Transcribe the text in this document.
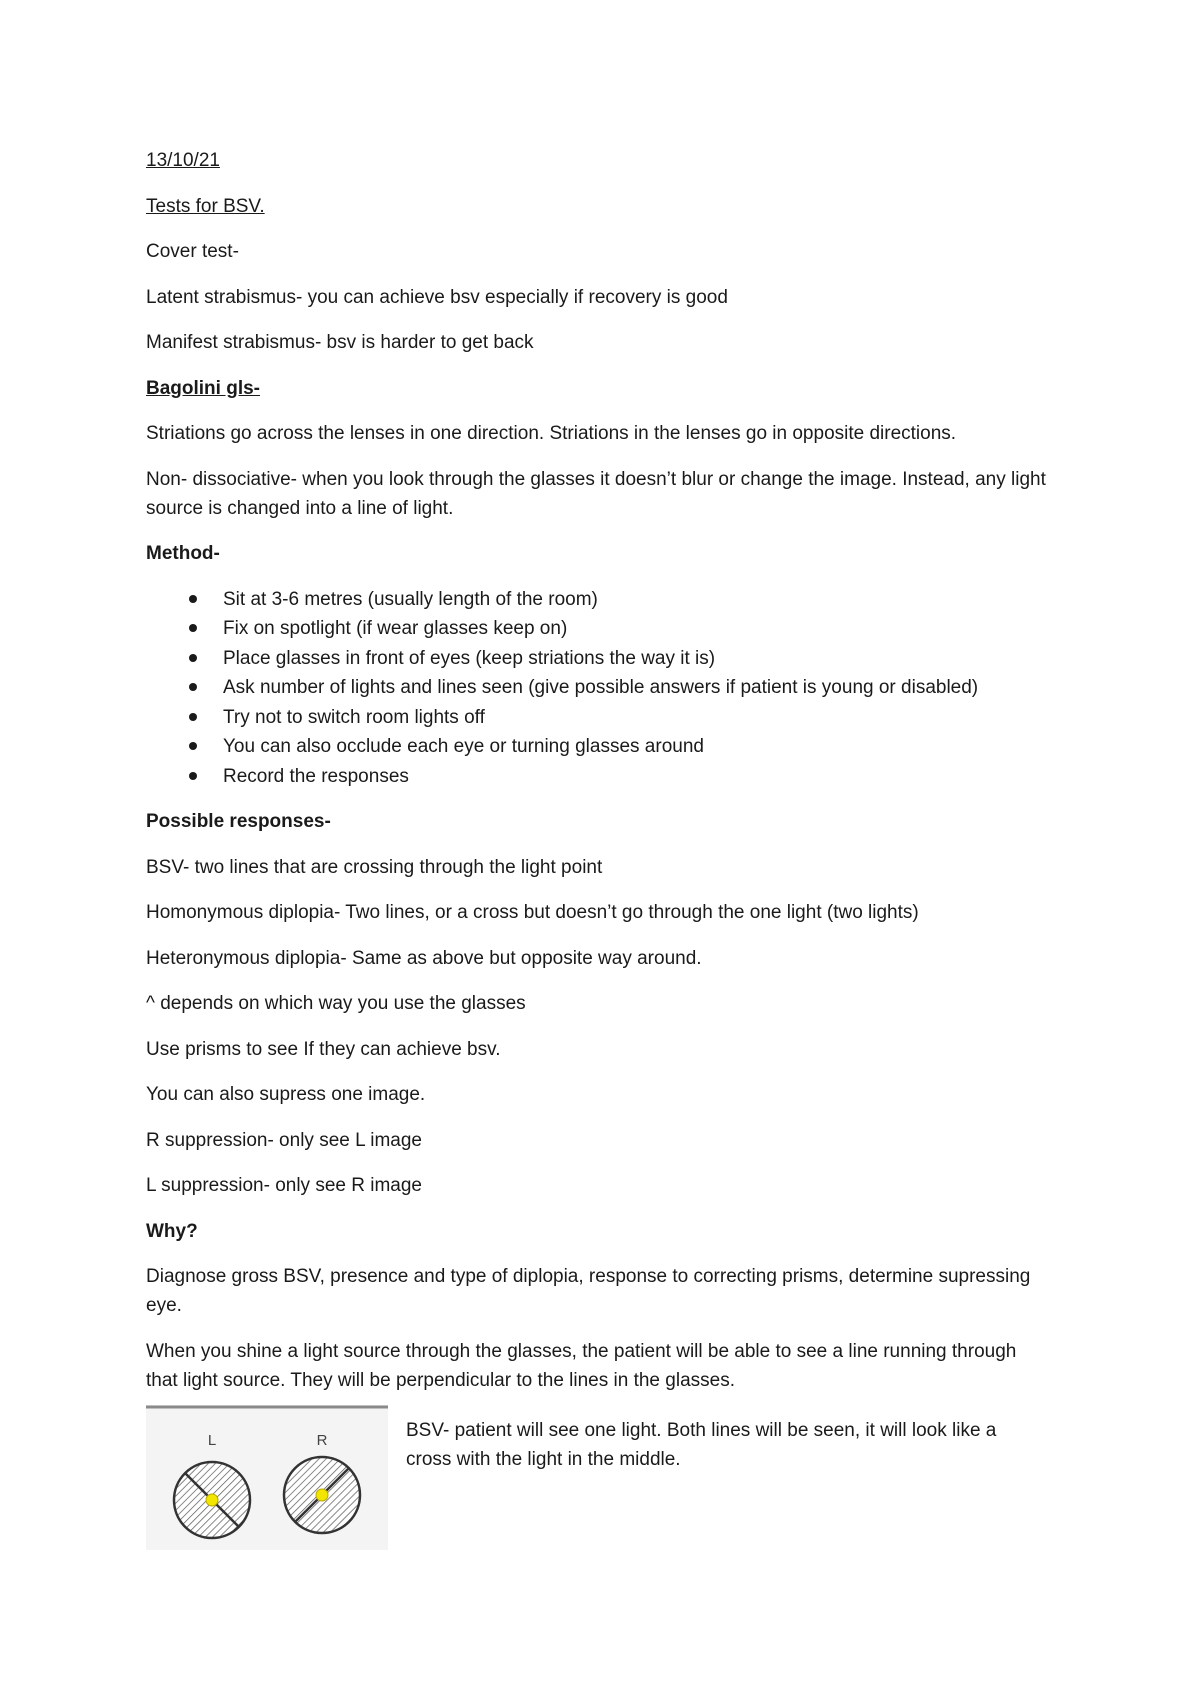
13/10/21

Tests for BSV.

Cover test-

Latent strabismus- you can achieve bsv especially if recovery is good

Manifest strabismus- bsv is harder to get back

Bagolini gls-

Striations go across the lenses in one direction. Striations in the lenses go in opposite directions.

Non- dissociative- when you look through the glasses it doesn’t blur or change the image. Instead, any light source is changed into a line of light.

Method-

Sit at 3-6 metres (usually length of the room)
Fix on spotlight (if wear glasses keep on)
Place glasses in front of eyes (keep striations the way it is)
Ask number of lights and lines seen (give possible answers if patient is young or disabled)
Try not to switch room lights off
You can also occlude each eye or turning glasses around
Record the responses

Possible responses-

BSV- two lines that are crossing through the light point

Homonymous diplopia- Two lines, or a cross but doesn’t go through the one light (two lights)

Heteronymous diplopia- Same as above but opposite way around.

^ depends on which way you use the glasses

Use prisms to see If they can achieve bsv.

You can also supress one image.

R suppression- only see L image

L suppression- only see R image

Why?

Diagnose gross BSV, presence and type of diplopia, response to correcting prisms, determine supressing eye.

When you shine a light source through the glasses, the patient will be able to see a line running through that light source. They will be perpendicular to the lines in the glasses.

L	R	BSV- patient will see one light. Both lines will be seen, it will look like a cross with the light in the middle.
